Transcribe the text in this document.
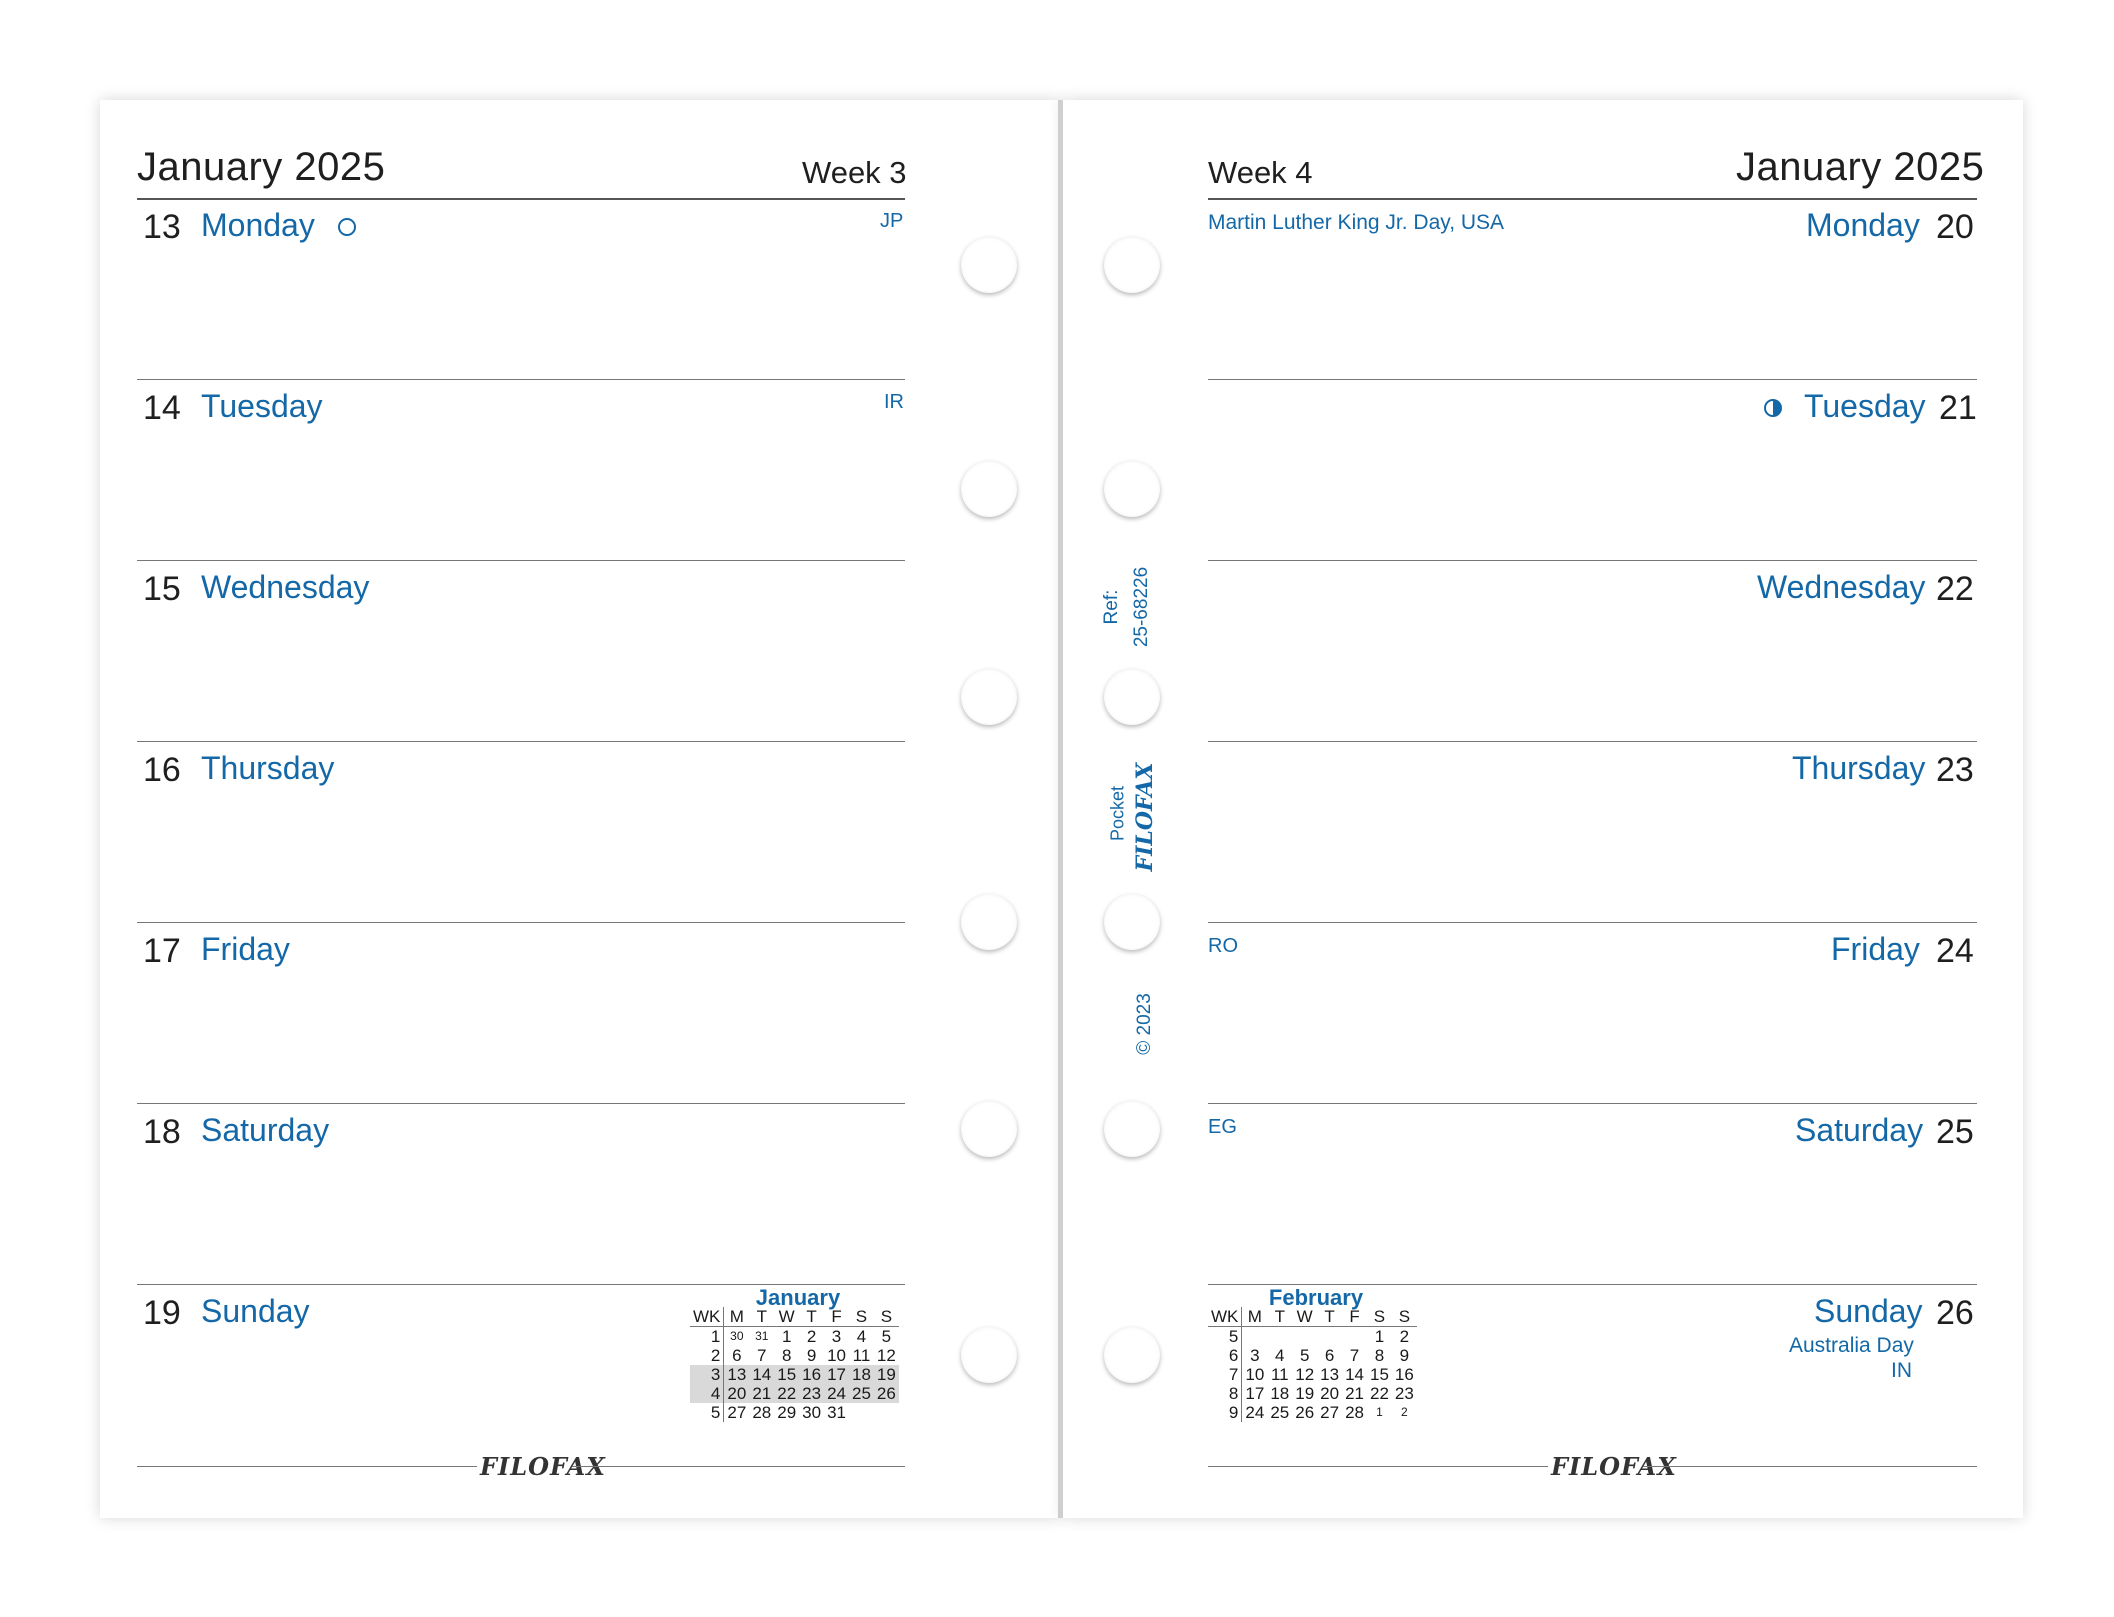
January 2025	Week 3
13 Monday	JP
14 Tuesday	IR
15 Wednesday
16 Thursday
17 Friday
18 Saturday
19 Sunday	January
WK	M	T	W	T	F	S	S
1	30	31	1	2	3	4	5
2	6	7	8	9	10	11	12
3	13	14	15	16	17	18	19
4	20	21	22	23	24	25	26
5	27	28	29	30	31		
FILOFAX
Ref: 25-68226
Pocket FILOFAX
© 2023
Week 4	January 2025
Martin Luther King Jr. Day, USA	Monday 20
Tuesday 21
Wednesday 22
Thursday 23
RO	Friday 24
EG	Saturday 25
Sunday 26
Australia Day
IN
February
WK	M	T	W	T	F	S	S
5						1	2
6	3	4	5	6	7	8	9
7	10	11	12	13	14	15	16
8	17	18	19	20	21	22	23
9	24	25	26	27	28	1	2
FILOFAX
